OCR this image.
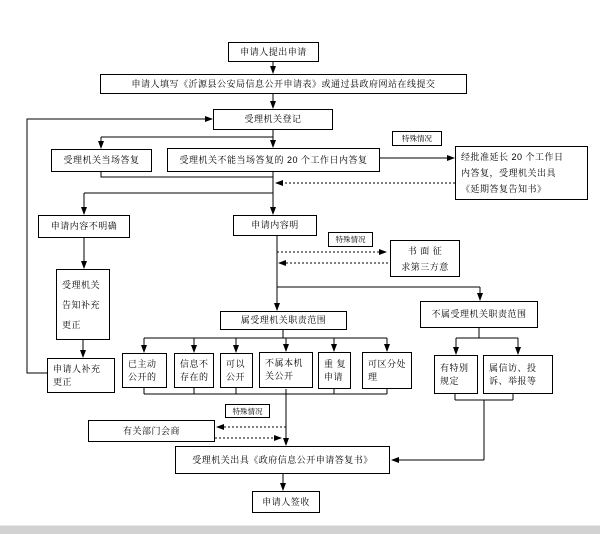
申请人提出申请
申请人填写《沂源县公安局信息公开申请表》或通过县政府网站在线提交
受理机关登记
受理机关当场答复	受理机关不能当场答复的 20 个工作日内答复
特殊情况
经批准延长 20 个工作日
内答复，受理机关出具
《延期答复告知书》
申请内容不明确	申请内容明
特殊情况
书 面 征
求第三方意
受理机关
告知补充
更正
申请人补充
更正
属受理机关职责范围
不属受理机关职责范围
已主动
公开的
信息不
存在的
可以
公开
不属本机
关公开
重 复
申请
可区分处
理
有特别
规定
属信访、投
诉、举报等
特殊情况
有关部门会商
受理机关出具《政府信息公开申请答复书》
申请人签收
